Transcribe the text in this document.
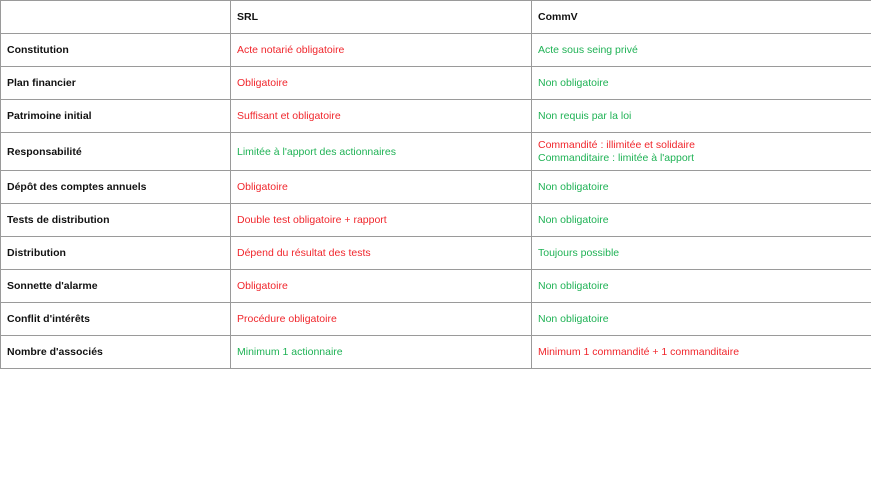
	SRL	CommV
Constitution	Acte notarié obligatoire	Acte sous seing privé

Plan financier	Obligatoire	Non obligatoire

Patrimoine initial	Suffisant et obligatoire	Non requis par la loi

Responsabilité	Limitée à l'apport des actionnaires	Commandité : illimitée et solidaire
Commanditaire : limitée à l'apport

Dépôt des comptes annuels	Obligatoire	Non obligatoire

Tests de distribution	Double test obligatoire + rapport	Non obligatoire

Distribution	Dépend du résultat des tests	Toujours possible

Sonnette d'alarme	Obligatoire	Non obligatoire

Conflit d'intérêts	Procédure obligatoire	Non obligatoire

Nombre d'associés	Minimum 1 actionnaire	Minimum 1 commandité + 1 commanditaire
